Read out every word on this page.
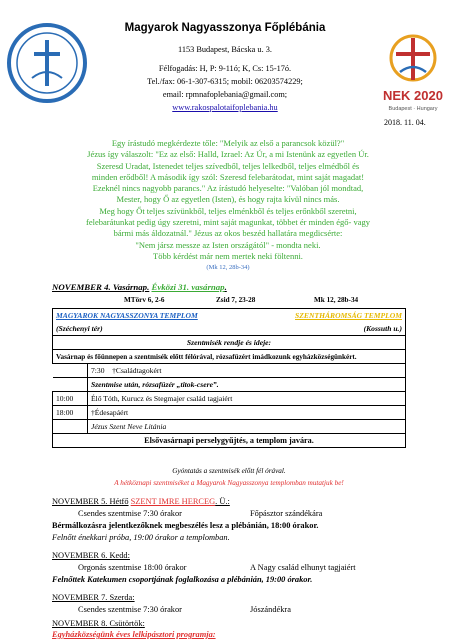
Magyarok Nagyasszonya Főplébánia
1153 Budapest, Bácska u. 3.
Félfogadás: H, P: 9-11ó; K, Cs: 15-17ó.
Tel./fax: 06-1-307-6315; mobil: 06203574229;
email: rpmnafoplebania@gmail.com;
www.rakospalotaifoplebania.hu
NEK 2020
Budapest · Hungary
2018. 11. 04.
Egy írástudó megkérdezte tőle: "Melyik az első a parancsok közül?"
Jézus így válaszolt: "Ez az első: Halld, Izrael: Az Úr, a mi Istenünk az egyetlen Úr.
Szeresd Uradat, Istenedet teljes szívedből, teljes lelkedből, teljes elmédből és
minden erődből! A második így szól: Szeresd felebarátodat, mint saját magadat!
Ezeknél nincs nagyobb parancs." Az írástudó helyeselte: "Valóban jól mondtad,
Mester, hogy Ő az egyetlen (Isten), és hogy rajta kívül nincs más.
Meg hogy Őt teljes szívünkből, teljes elménkből és teljes erőnkből szeretni,
felebarátunkat pedig úgy szeretni, mint saját magunkat, többet ér minden égő- vagy
bármi más áldozatnál." Jézus az okos beszéd hallatára megdicsérte:
"Nem jársz messze az Isten országától" - mondta neki.
Több kérdést már nem mertek neki föltenni.
(Mk 12, 28b-34)
NOVEMBER 4. Vasárnap. Évközi 31. vasárnap.
MTörv 6, 2-6	Zsid 7, 23-28	Mk 12, 28b-34
MAGYAROK NAGYASSZONYA TEMPLOM SZENTHÁROMSÁG TEMPLOM	

(Széchenyi tér) (Kossuth u.)	

Szentmisék rendje és ideje:	
Vasárnap és főünnepen a szentmisék előtt félórával, rózsafüzért imádkozunk egyházközségünkért.	
	7:30 †Családtagokért
	Szentmise után, rózsafüzér „titok-csere”.
10:00	Élő Tóth, Kurucz és Stegmajer család tagjaiért
18:00	†Édesapáért
	Jézus Szent Neve Litánia
Elsővasárnapi perselygyűjtés, a templom javára.	
Gyóntatás a szentmisék előtt fél órával.
A hétköznapi szentmiséket a Magyarok Nagyasszonya templomban mutatjuk be!
NOVEMBER 5. Hétfő SZENT IMRE HERCEG. Ü.:
Csendes szentmise 7:30 órakor	Főpásztor szándékára
Bérmálkozásra jelentkezőknek megbeszélés lesz a plébánián, 18:00 órakor.
Felnőtt énekkari próba, 19:00 órakor a templomban.
NOVEMBER 6. Kedd:
Orgonás szentmise 18:00 órakor	A Nagy család elhunyt tagjaiért
Felnőttek Katekumen csoportjának foglalkozása a plébánián, 19:00 órakor.
NOVEMBER 7. Szerda:
Csendes szentmise 7:30 órakor	Jószándékra
NOVEMBER 8. Csütörtök:
Egyházközségünk éves lelkipásztori programja:
